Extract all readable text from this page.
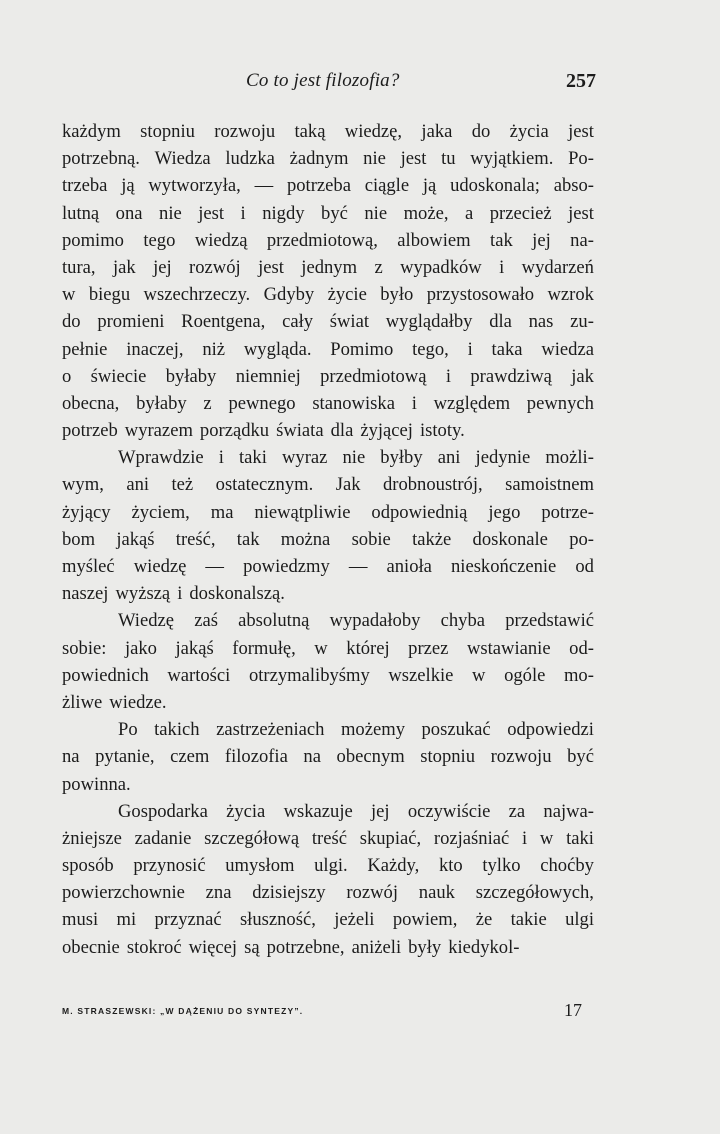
Co to jest filozofia?	257
każdym stopniu rozwoju taką wiedzę, jaka do życia jest
potrzebną. Wiedza ludzka żadnym nie jest tu wyjątkiem. Po-
trzeba ją wytworzyła, — potrzeba ciągle ją udoskonala; abso-
lutną ona nie jest i nigdy być nie może, a przecież jest
pomimo tego wiedzą przedmiotową, albowiem tak jej na-
tura, jak jej rozwój jest jednym z wypadków i wydarzeń
w biegu wszechrzeczy. Gdyby życie było przystosowało wzrok
do promieni Roentgena, cały świat wyglądałby dla nas zu-
pełnie inaczej, niż wygląda. Pomimo tego, i taka wiedza
o świecie byłaby niemniej przedmiotową i prawdziwą jak
obecna, byłaby z pewnego stanowiska i względem pewnych
potrzeb wyrazem porządku świata dla żyjącej istoty.
Wprawdzie i taki wyraz nie byłby ani jedynie możli-
wym, ani też ostatecznym. Jak drobnoustrój, samoistnem
żyjący życiem, ma niewątpliwie odpowiednią jego potrze-
bom jakąś treść, tak można sobie także doskonale po-
myśleć wiedzę — powiedzmy — anioła nieskończenie od
naszej wyższą i doskonalszą.
Wiedzę zaś absolutną wypadałoby chyba przedstawić
sobie: jako jakąś formułę, w której przez wstawianie od-
powiednich wartości otrzymalibyśmy wszelkie w ogóle mo-
żliwe wiedze.
Po takich zastrzeżeniach możemy poszukać odpowiedzi
na pytanie, czem filozofia na obecnym stopniu rozwoju być
powinna.
Gospodarka życia wskazuje jej oczywiście za najwa-
żniejsze zadanie szczegółową treść skupiać, rozjaśniać i w taki
sposób przynosić umysłom ulgi. Każdy, kto tylko choćby
powierzchownie zna dzisiejszy rozwój nauk szczegółowych,
musi mi przyznać słuszność, jeżeli powiem, że takie ulgi
obecnie stokroć więcej są potrzebne, aniżeli były kiedykol-
M. STRASZEWSKI: „W DĄŻENIU DO SYNTEZY”.	17
